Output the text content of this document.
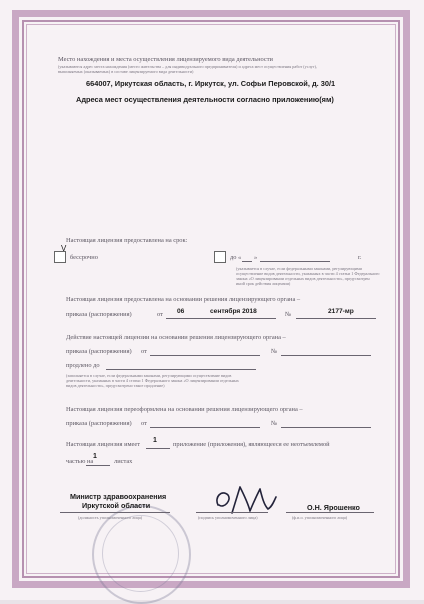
Место нахождения и места осуществления лицензируемого вида деятельности
(указываются адрес места нахождения (место жительства – для индивидуального предпринимателя) и адреса мест осуществления работ (услуг),
выполняемых (оказываемых) в составе лицензируемого вида деятельности)
664007, Иркутская область, г. Иркутск, ул. Софьи Перовской, д. 30/1
Адреса мест осуществления деятельности согласно приложению(ям)
Настоящая лицензия предоставлена на срок:
V
бессрочно	до « »	г.
(указывается в случае, если федеральными законами, регулирующими
осуществление видов деятельности, указанных в части 4 статьи 1 Федерального
закона «О лицензировании отдельных видов деятельности», предусмотрен
иной срок действия лицензии)
Настоящая лицензия предоставлена на основании решения лицензирующего органа –
приказа (распоряжения)	от 06	сентября 2018	№	2177-мр
Действие настоящей лицензии на основании решения лицензирующего органа –
приказа (распоряжения) от	№
продлено до
(заполняется в случае, если федеральными законами, регулирующими осуществление видов
деятельности, указанных в части 4 статьи 1 Федерального закона «О лицензировании отдельных
видов деятельности», предусмотрено такое продление)
Настоящая лицензия переоформлена на основании решения лицензирующего органа –
приказа (распоряжения) от	№
Настоящая лицензия имеет
1
приложение (приложения), являющееся ее неотъемлемой
частью на
1
листах
Министр здравоохранения
Иркутской области
(должность уполномоченного лица)	(подпись уполномоченного лица)
О.Н. Ярошенко
(ф.и.о. уполномоченного лица)
